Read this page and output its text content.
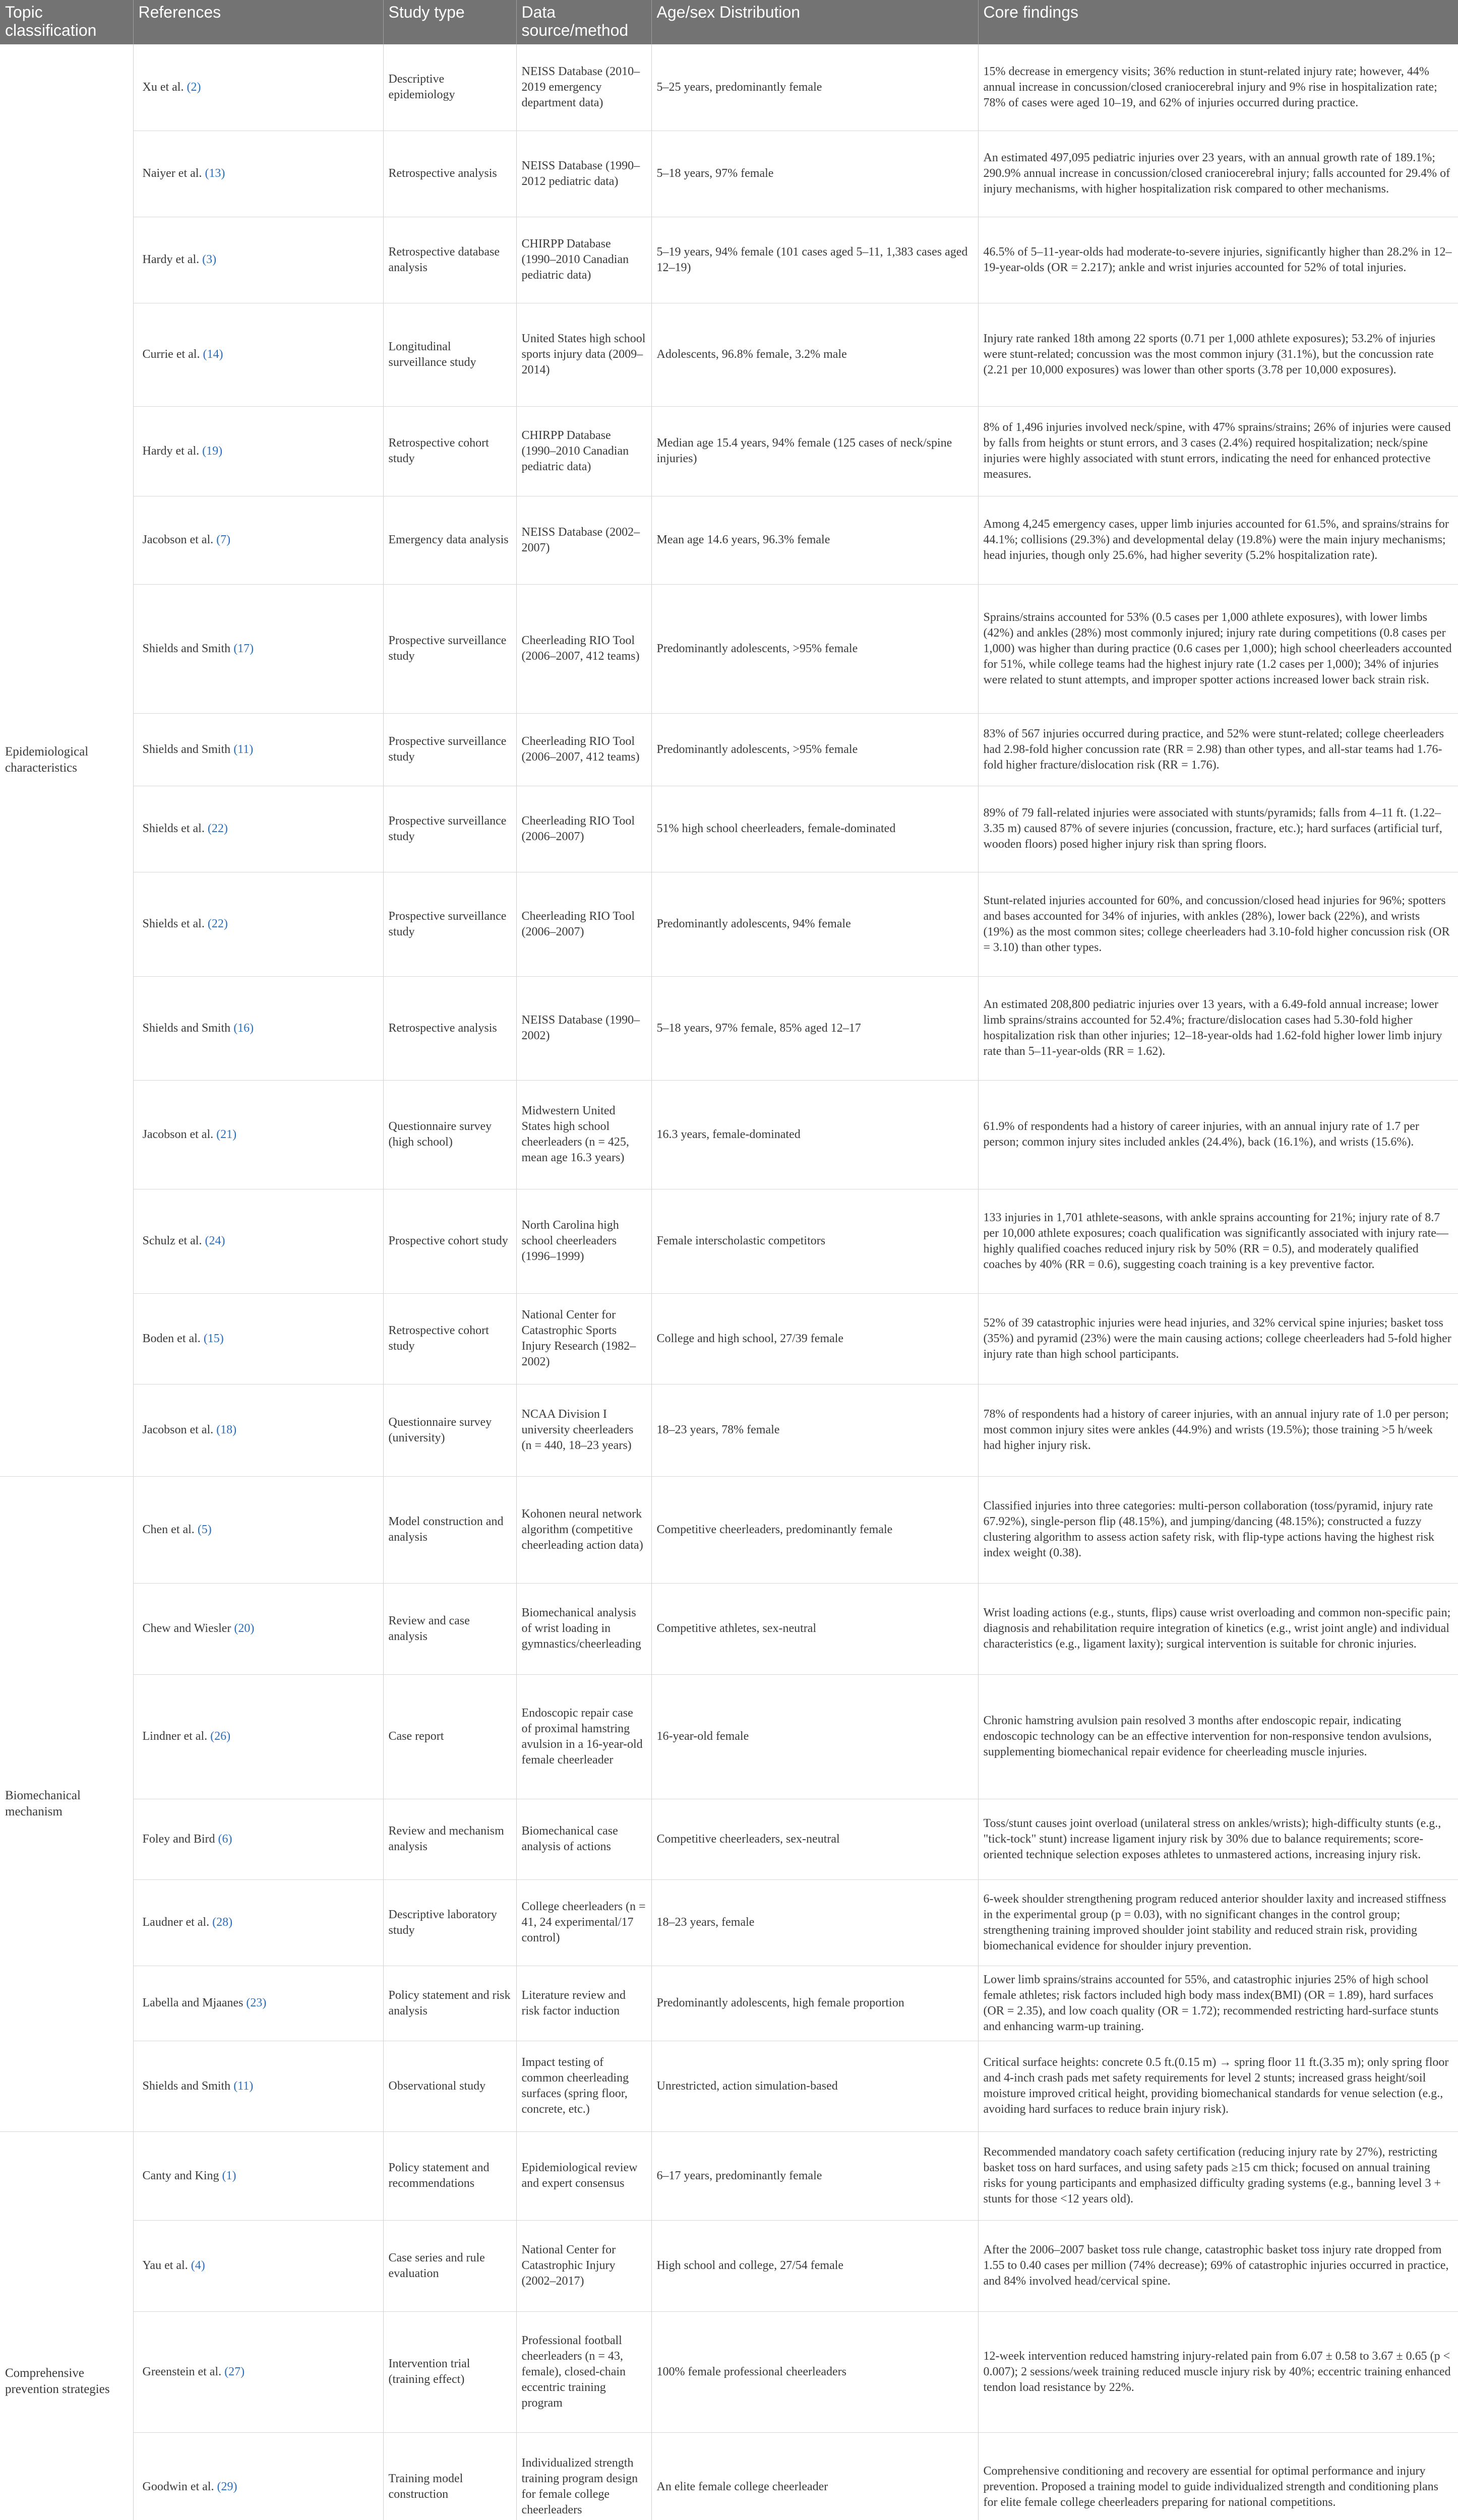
Topic classification	References	Study type	Data source/method	Age/sex Distribution	Core findings
Epidemiological characteristics	Xu et al. (2)	Descriptive epidemiology	NEISS Database (2010–2019 emergency department data)	5–25 years, predominantly female	15% decrease in emergency visits; 36% reduction in stunt-related injury rate; however, 44% annual increase in concussion/closed craniocerebral injury and 9% rise in hospitalization rate; 78% of cases were aged 10–19, and 62% of injuries occurred during practice.
	Naiyer et al. (13)	Retrospective analysis	NEISS Database (1990–2012 pediatric data)	5–18 years, 97% female	An estimated 497,095 pediatric injuries over 23 years, with an annual growth rate of 189.1%; 290.9% annual increase in concussion/closed craniocerebral injury; falls accounted for 29.4% of injury mechanisms, with higher hospitalization risk compared to other mechanisms.
	Hardy et al. (3)	Retrospective database analysis	CHIRPP Database (1990–2010 Canadian pediatric data)	5–19 years, 94% female (101 cases aged 5–11, 1,383 cases aged 12–19)	46.5% of 5–11-year-olds had moderate-to-severe injuries, significantly higher than 28.2% in 12–19-year-olds (OR = 2.217); ankle and wrist injuries accounted for 52% of total injuries.
	Currie et al. (14)	Longitudinal surveillance study	United States high school sports injury data (2009–2014)	Adolescents, 96.8% female, 3.2% male	Injury rate ranked 18th among 22 sports (0.71 per 1,000 athlete exposures); 53.2% of injuries were stunt-related; concussion was the most common injury (31.1%), but the concussion rate (2.21 per 10,000 exposures) was lower than other sports (3.78 per 10,000 exposures).
	Hardy et al. (19)	Retrospective cohort study	CHIRPP Database (1990–2010 Canadian pediatric data)	Median age 15.4 years, 94% female (125 cases of neck/spine injuries)	8% of 1,496 injuries involved neck/spine, with 47% sprains/strains; 26% of injuries were caused by falls from heights or stunt errors, and 3 cases (2.4%) required hospitalization; neck/spine injuries were highly associated with stunt errors, indicating the need for enhanced protective measures.
	Jacobson et al. (7)	Emergency data analysis	NEISS Database (2002–2007)	Mean age 14.6 years, 96.3% female	Among 4,245 emergency cases, upper limb injuries accounted for 61.5%, and sprains/strains for 44.1%; collisions (29.3%) and developmental delay (19.8%) were the main injury mechanisms; head injuries, though only 25.6%, had higher severity (5.2% hospitalization rate).
	Shields and Smith (17)	Prospective surveillance study	Cheerleading RIO Tool (2006–2007, 412 teams)	Predominantly adolescents, >95% female	Sprains/strains accounted for 53% (0.5 cases per 1,000 athlete exposures), with lower limbs (42%) and ankles (28%) most commonly injured; injury rate during competitions (0.8 cases per 1,000) was higher than during practice (0.6 cases per 1,000); high school cheerleaders accounted for 51%, while college teams had the highest injury rate (1.2 cases per 1,000); 34% of injuries were related to stunt attempts, and improper spotter actions increased lower back strain risk.
	Shields and Smith (11)	Prospective surveillance study	Cheerleading RIO Tool (2006–2007, 412 teams)	Predominantly adolescents, >95% female	83% of 567 injuries occurred during practice, and 52% were stunt-related; college cheerleaders had 2.98-fold higher concussion rate (RR = 2.98) than other types, and all-star teams had 1.76-fold higher fracture/dislocation risk (RR = 1.76).
	Shields et al. (22)	Prospective surveillance study	Cheerleading RIO Tool (2006–2007)	51% high school cheerleaders, female-dominated	89% of 79 fall-related injuries were associated with stunts/pyramids; falls from 4–11 ft. (1.22–3.35 m) caused 87% of severe injuries (concussion, fracture, etc.); hard surfaces (artificial turf, wooden floors) posed higher injury risk than spring floors.
	Shields et al. (22)	Prospective surveillance study	Cheerleading RIO Tool (2006–2007)	Predominantly adolescents, 94% female	Stunt-related injuries accounted for 60%, and concussion/closed head injuries for 96%; spotters and bases accounted for 34% of injuries, with ankles (28%), lower back (22%), and wrists (19%) as the most common sites; college cheerleaders had 3.10-fold higher concussion risk (OR = 3.10) than other types.
	Shields and Smith (16)	Retrospective analysis	NEISS Database (1990–2002)	5–18 years, 97% female, 85% aged 12–17	An estimated 208,800 pediatric injuries over 13 years, with a 6.49-fold annual increase; lower limb sprains/strains accounted for 52.4%; fracture/dislocation cases had 5.30-fold higher hospitalization risk than other injuries; 12–18-year-olds had 1.62-fold higher lower limb injury rate than 5–11-year-olds (RR = 1.62).
	Jacobson et al. (21)	Questionnaire survey (high school)	Midwestern United States high school cheerleaders (n = 425, mean age 16.3 years)	16.3 years, female-dominated	61.9% of respondents had a history of career injuries, with an annual injury rate of 1.7 per person; common injury sites included ankles (24.4%), back (16.1%), and wrists (15.6%).
	Schulz et al. (24)	Prospective cohort study	North Carolina high school cheerleaders (1996–1999)	Female interscholastic competitors	133 injuries in 1,701 athlete-seasons, with ankle sprains accounting for 21%; injury rate of 8.7 per 10,000 athlete exposures; coach qualification was significantly associated with injury rate—highly qualified coaches reduced injury risk by 50% (RR = 0.5), and moderately qualified coaches by 40% (RR = 0.6), suggesting coach training is a key preventive factor.
	Boden et al. (15)	Retrospective cohort study	National Center for Catastrophic Sports Injury Research (1982–2002)	College and high school, 27/39 female	52% of 39 catastrophic injuries were head injuries, and 32% cervical spine injuries; basket toss (35%) and pyramid (23%) were the main causing actions; college cheerleaders had 5-fold higher injury rate than high school participants.
	Jacobson et al. (18)	Questionnaire survey (university)	NCAA Division I university cheerleaders (n = 440, 18–23 years)	18–23 years, 78% female	78% of respondents had a history of career injuries, with an annual injury rate of 1.0 per person; most common injury sites were ankles (44.9%) and wrists (19.5%); those training >5 h/week had higher injury risk.
Biomechanical mechanism	Chen et al. (5)	Model construction and analysis	Kohonen neural network algorithm (competitive cheerleading action data)	Competitive cheerleaders, predominantly female	Classified injuries into three categories: multi-person collaboration (toss/pyramid, injury rate 67.92%), single-person flip (48.15%), and jumping/dancing (48.15%); constructed a fuzzy clustering algorithm to assess action safety risk, with flip-type actions having the highest risk index weight (0.38).
	Chew and Wiesler (20)	Review and case analysis	Biomechanical analysis of wrist loading in gymnastics/cheerleading	Competitive athletes, sex-neutral	Wrist loading actions (e.g., stunts, flips) cause wrist overloading and common non-specific pain; diagnosis and rehabilitation require integration of kinetics (e.g., wrist joint angle) and individual characteristics (e.g., ligament laxity); surgical intervention is suitable for chronic injuries.
	Lindner et al. (26)	Case report	Endoscopic repair case of proximal hamstring avulsion in a 16-year-old female cheerleader	16-year-old female	Chronic hamstring avulsion pain resolved 3 months after endoscopic repair, indicating endoscopic technology can be an effective intervention for non-responsive tendon avulsions, supplementing biomechanical repair evidence for cheerleading muscle injuries.
	Foley and Bird (6)	Review and mechanism analysis	Biomechanical case analysis of actions	Competitive cheerleaders, sex-neutral	Toss/stunt causes joint overload (unilateral stress on ankles/wrists); high-difficulty stunts (e.g., "tick-tock" stunt) increase ligament injury risk by 30% due to balance requirements; score-oriented technique selection exposes athletes to unmastered actions, increasing injury risk.
	Laudner et al. (28)	Descriptive laboratory study	College cheerleaders (n = 41, 24 experimental/17 control)	18–23 years, female	6-week shoulder strengthening program reduced anterior shoulder laxity and increased stiffness in the experimental group (p = 0.03), with no significant changes in the control group; strengthening training improved shoulder joint stability and reduced strain risk, providing biomechanical evidence for shoulder injury prevention.
	Labella and Mjaanes (23)	Policy statement and risk analysis	Literature review and risk factor induction	Predominantly adolescents, high female proportion	Lower limb sprains/strains accounted for 55%, and catastrophic injuries 25% of high school female athletes; risk factors included high body mass index(BMI) (OR = 1.89), hard surfaces (OR = 2.35), and low coach quality (OR = 1.72); recommended restricting hard-surface stunts and enhancing warm-up training.
	Shields and Smith (11)	Observational study	Impact testing of common cheerleading surfaces (spring floor, concrete, etc.)	Unrestricted, action simulation-based	Critical surface heights: concrete 0.5 ft.(0.15 m) → spring floor 11 ft.(3.35 m); only spring floor and 4-inch crash pads met safety requirements for level 2 stunts; increased grass height/soil moisture improved critical height, providing biomechanical standards for venue selection (e.g., avoiding hard surfaces to reduce brain injury risk).
Comprehensive prevention strategies	Canty and King (1)	Policy statement and recommendations	Epidemiological review and expert consensus	6–17 years, predominantly female	Recommended mandatory coach safety certification (reducing injury rate by 27%), restricting basket toss on hard surfaces, and using safety pads ≥15 cm thick; focused on annual training risks for young participants and emphasized difficulty grading systems (e.g., banning level 3 + stunts for those <12 years old).
	Yau et al. (4)	Case series and rule evaluation	National Center for Catastrophic Injury (2002–2017)	High school and college, 27/54 female	After the 2006–2007 basket toss rule change, catastrophic basket toss injury rate dropped from 1.55 to 0.40 cases per million (74% decrease); 69% of catastrophic injuries occurred in practice, and 84% involved head/cervical spine.
	Greenstein et al. (27)	Intervention trial (training effect)	Professional football cheerleaders (n = 43, female), closed-chain eccentric training program	100% female professional cheerleaders	12-week intervention reduced hamstring injury-related pain from 6.07 ± 0.58 to 3.67 ± 0.65 (p < 0.007); 2 sessions/week training reduced muscle injury risk by 40%; eccentric training enhanced tendon load resistance by 22%.
	Goodwin et al. (29)	Training model construction	Individualized strength training program design for female college cheerleaders	An elite female college cheerleader	Comprehensive conditioning and recovery are essential for optimal performance and injury prevention. Proposed a training model to guide individualized strength and conditioning plans for elite female college cheerleaders preparing for national competitions.
